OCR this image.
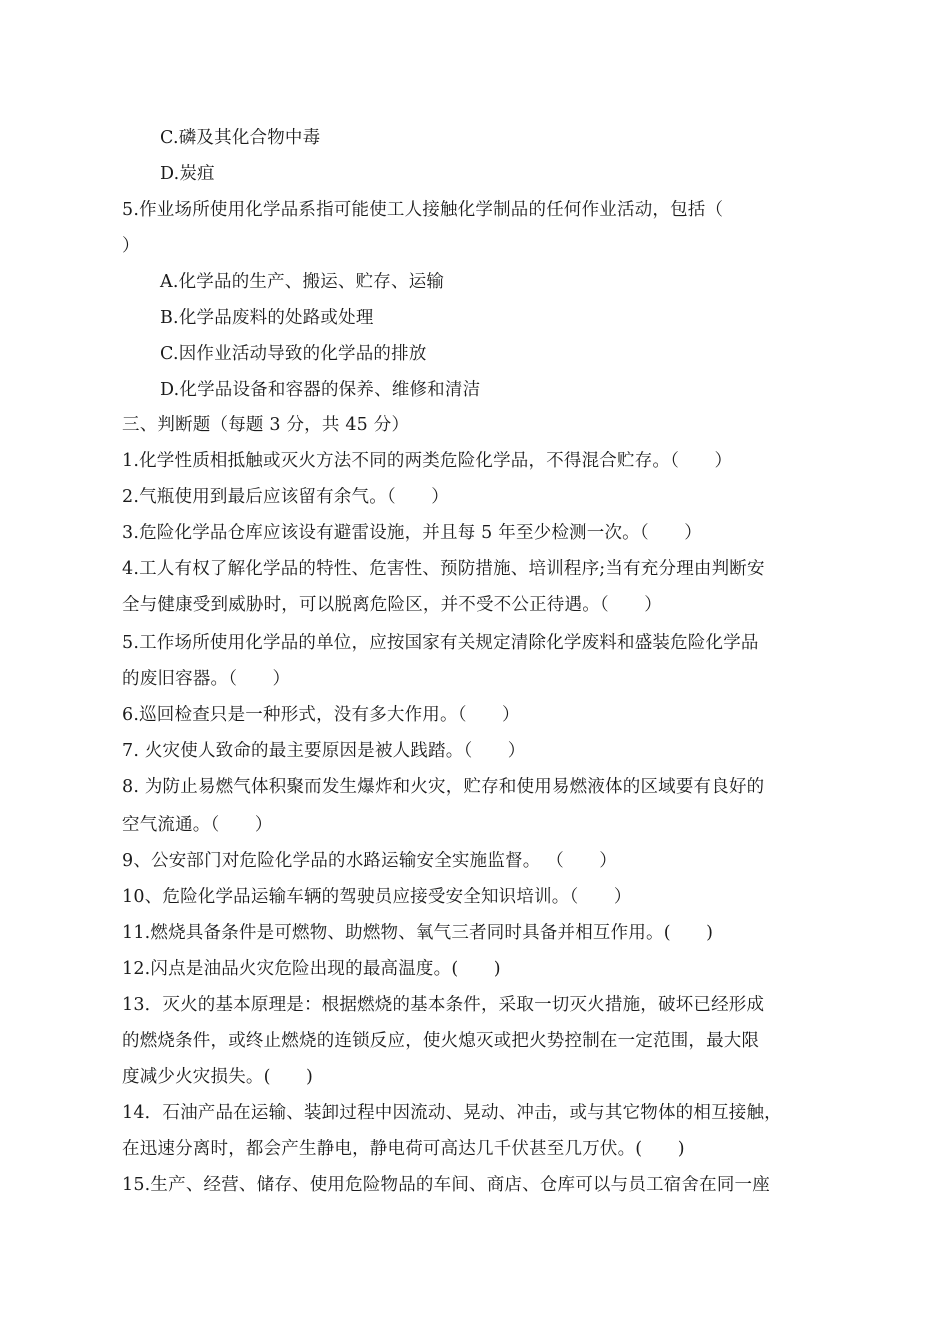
C.磷及其化合物中毒
D.炭疽
5.作业场所使用化学品系指可能使工人接触化学制品的任何作业活动，包括（
）
A.化学品的生产、搬运、贮存、运输
B.化学品废料的处路或处理
C.因作业活动导致的化学品的排放
D.化学品设备和容器的保养、维修和清洁
三、判断题（每题 3 分，共 45 分）
1.化学性质相抵触或灭火方法不同的两类危险化学品，不得混合贮存。（　　）
2.气瓶使用到最后应该留有余气。（　　）
3.危险化学品仓库应该设有避雷设施，并且每 5 年至少检测一次。（　　）
4.工人有权了解化学品的特性、危害性、预防措施、培训程序;当有充分理由判断安
全与健康受到威胁时，可以脱离危险区，并不受不公正待遇。（　　）
5.工作场所使用化学品的单位，应按国家有关规定清除化学废料和盛装危险化学品
的废旧容器。（　　）
6.巡回检查只是一种形式，没有多大作用。（　　）
7. 火灾使人致命的最主要原因是被人践踏。（　　）
8. 为防止易燃气体积聚而发生爆炸和火灾，贮存和使用易燃液体的区域要有良好的
空气流通。（　　）
9、公安部门对危险化学品的水路运输安全实施监督。 （　　）
10、危险化学品运输车辆的驾驶员应接受安全知识培训。（　　）
11.燃烧具备条件是可燃物、助燃物、氧气三者同时具备并相互作用。(　　)
12.闪点是油品火灾危险出现的最高温度。(　　)
13．灭火的基本原理是：根据燃烧的基本条件，采取一切灭火措施，破坏已经形成
的燃烧条件，或终止燃烧的连锁反应，使火熄灭或把火势控制在一定范围，最大限
度减少火灾损失。(　　)
14．石油产品在运输、装卸过程中因流动、晃动、冲击，或与其它物体的相互接触，
在迅速分离时，都会产生静电，静电荷可高达几千伏甚至几万伏。(　　)
15.生产、经营、储存、使用危险物品的车间、商店、仓库可以与员工宿舍在同一座
